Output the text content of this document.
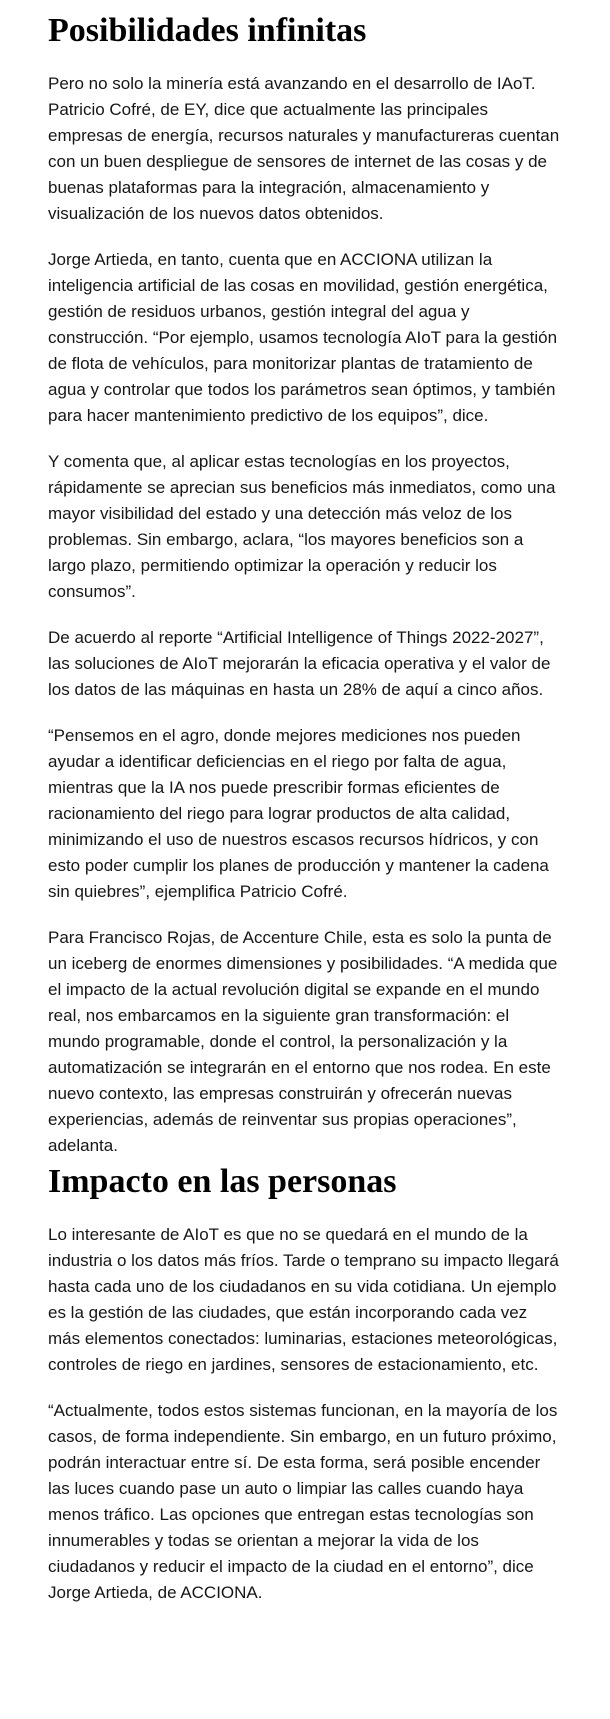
Posibilidades infinitas

Pero no solo la minería está avanzando en el desarrollo de IAoT. Patricio Cofré, de EY, dice que actualmente las principales empresas de energía, recursos naturales y manufactureras cuentan con un buen despliegue de sensores de internet de las cosas y de buenas plataformas para la integración, almacenamiento y visualización de los nuevos datos obtenidos.

Jorge Artieda, en tanto, cuenta que en ACCIONA utilizan la inteligencia artificial de las cosas en movilidad, gestión energética, gestión de residuos urbanos, gestión integral del agua y construcción. “Por ejemplo, usamos tecnología AIoT para la gestión de flota de vehículos, para monitorizar plantas de tratamiento de agua y controlar que todos los parámetros sean óptimos, y también para hacer mantenimiento predictivo de los equipos”, dice.

Y comenta que, al aplicar estas tecnologías en los proyectos, rápidamente se aprecian sus beneficios más inmediatos, como una mayor visibilidad del estado y una detección más veloz de los problemas. Sin embargo, aclara, “los mayores beneficios son a largo plazo, permitiendo optimizar la operación y reducir los consumos”.

De acuerdo al reporte “Artificial Intelligence of Things 2022-2027”, las soluciones de AIoT mejorarán la eficacia operativa y el valor de los datos de las máquinas en hasta un 28% de aquí a cinco años.

“Pensemos en el agro, donde mejores mediciones nos pueden ayudar a identificar deficiencias en el riego por falta de agua, mientras que la IA nos puede prescribir formas eficientes de racionamiento del riego para lograr productos de alta calidad, minimizando el uso de nuestros escasos recursos hídricos, y con esto poder cumplir los planes de producción y mantener la cadena sin quiebres”, ejemplifica Patricio Cofré.

Para Francisco Rojas, de Accenture Chile, esta es solo la punta de un iceberg de enormes dimensiones y posibilidades. “A medida que el impacto de la actual revolución digital se expande en el mundo real, nos embarcamos en la siguiente gran transformación: el mundo programable, donde el control, la personalización y la automatización se integrarán en el entorno que nos rodea. En este nuevo contexto, las empresas construirán y ofrecerán nuevas experiencias, además de reinventar sus propias operaciones”, adelanta.

Impacto en las personas

Lo interesante de AIoT es que no se quedará en el mundo de la industria o los datos más fríos. Tarde o temprano su impacto llegará hasta cada uno de los ciudadanos en su vida cotidiana. Un ejemplo es la gestión de las ciudades, que están incorporando cada vez más elementos conectados: luminarias, estaciones meteorológicas, controles de riego en jardines, sensores de estacionamiento, etc.

“Actualmente, todos estos sistemas funcionan, en la mayoría de los casos, de forma independiente. Sin embargo, en un futuro próximo, podrán interactuar entre sí. De esta forma, será posible encender las luces cuando pase un auto o limpiar las calles cuando haya menos tráfico. Las opciones que entregan estas tecnologías son innumerables y todas se orientan a mejorar la vida de los ciudadanos y reducir el impacto de la ciudad en el entorno”, dice Jorge Artieda, de ACCIONA.
